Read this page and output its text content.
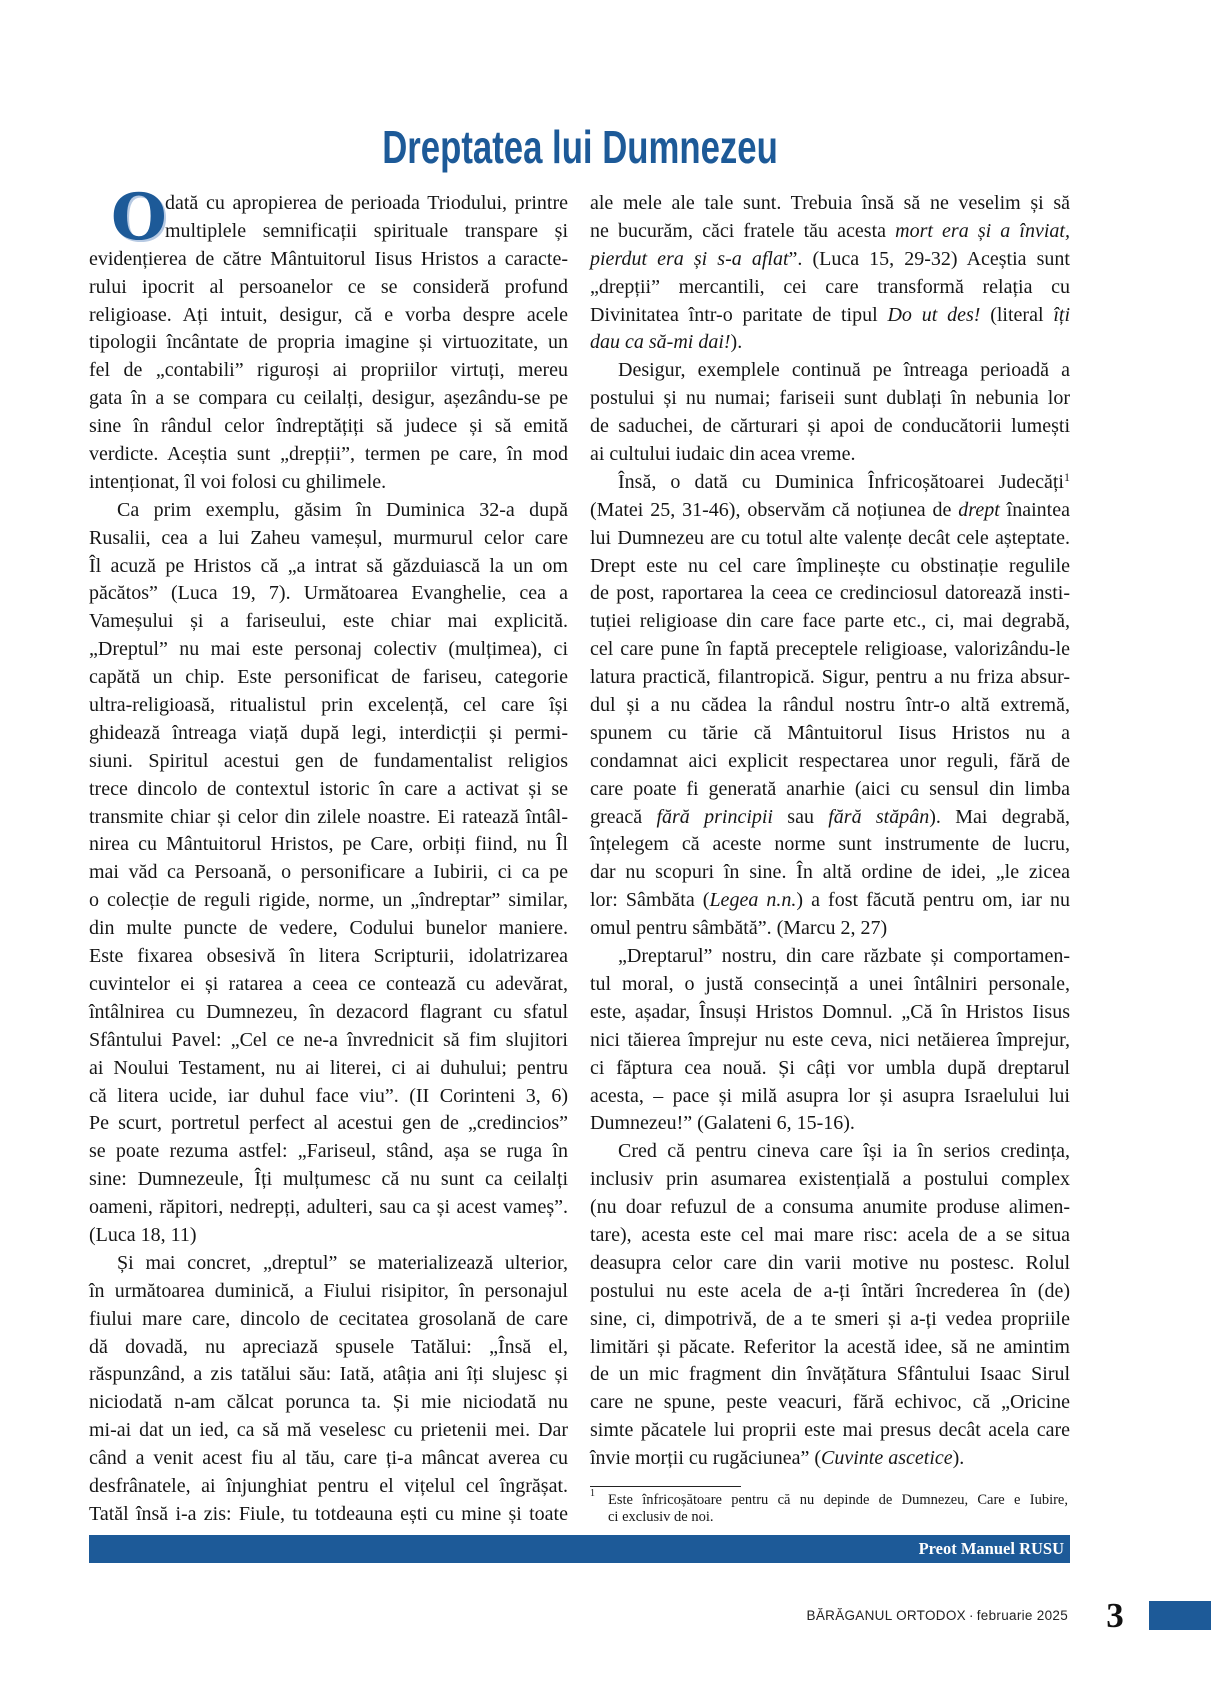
Dreptatea lui Dumnezeu
O
dată cu apropierea de perioada Triodului, printre
multiplele semnificații spirituale transpare și
evidențierea de către Mântuitorul Iisus Hristos a caracte-
rului ipocrit al persoanelor ce se consideră profund
religioase. Ați intuit, desigur, că e vorba despre acele
tipologii încântate de propria imagine și virtuozitate, un
fel de „contabili” riguroși ai propriilor virtuți, mereu
gata în a se compara cu ceilalți, desigur, așezându-se pe
sine în rândul celor îndreptățiți să judece și să emită
verdicte. Aceștia sunt „drepții”, termen pe care, în mod
intenționat, îl voi folosi cu ghilimele.
Ca prim exemplu, găsim în Duminica 32-a după
Rusalii, cea a lui Zaheu vameșul, murmurul celor care
Îl acuză pe Hristos că „a intrat să găzduiască la un om
păcătos” (Luca 19, 7). Următoarea Evanghelie, cea a
Vameșului și a fariseului, este chiar mai explicită.
„Dreptul” nu mai este personaj colectiv (mulțimea), ci
capătă un chip. Este personificat de fariseu, categorie
ultra-religioasă, ritualistul prin excelență, cel care își
ghidează întreaga viață după legi, interdicții și permi-
siuni. Spiritul acestui gen de fundamentalist religios
trece dincolo de contextul istoric în care a activat și se
transmite chiar și celor din zilele noastre. Ei ratează întâl-
nirea cu Mântuitorul Hristos, pe Care, orbiți fiind, nu Îl
mai văd ca Persoană, o personificare a Iubirii, ci ca pe
o colecție de reguli rigide, norme, un „îndreptar” similar,
din multe puncte de vedere, Codului bunelor maniere.
Este fixarea obsesivă în litera Scripturii, idolatrizarea
cuvintelor ei și ratarea a ceea ce contează cu adevărat,
întâlnirea cu Dumnezeu, în dezacord flagrant cu sfatul
Sfântului Pavel: „Cel ce ne-a învrednicit să fim slujitori
ai Noului Testament, nu ai literei, ci ai duhului; pentru
că litera ucide, iar duhul face viu”. (II Corinteni 3, 6)
Pe scurt, portretul perfect al acestui gen de „credincios”
se poate rezuma astfel: „Fariseul, stând, așa se ruga în
sine: Dumnezeule, Îți mulțumesc că nu sunt ca ceilalți
oameni, răpitori, nedrepți, adulteri, sau ca și acest vameș”.
(Luca 18, 11)
Și mai concret, „dreptul” se materializează ulterior,
în următoarea duminică, a Fiului risipitor, în personajul
fiului mare care, dincolo de cecitatea grosolană de care
dă dovadă, nu apreciază spusele Tatălui: „Însă el,
răspunzând, a zis tatălui său: Iată, atâția ani îți slujesc și
niciodată n-am călcat porunca ta. Și mie niciodată nu
mi-ai dat un ied, ca să mă veselesc cu prietenii mei. Dar
când a venit acest fiu al tău, care ți-a mâncat averea cu
desfrânatele, ai înjunghiat pentru el vițelul cel îngrășat.
Tatăl însă i-a zis: Fiule, tu totdeauna ești cu mine și toate
ale mele ale tale sunt. Trebuia însă să ne veselim și să
ne bucurăm, căci fratele tău acesta mort era și a înviat,
pierdut era și s-a aflat”. (Luca 15, 29-32) Aceștia sunt
„drepții” mercantili, cei care transformă relația cu
Divinitatea într-o paritate de tipul Do ut des! (literal îți
dau ca să-mi dai!).
Desigur, exemplele continuă pe întreaga perioadă a
postului și nu numai; fariseii sunt dublați în nebunia lor
de saduchei, de cărturari și apoi de conducătorii lumești
ai cultului iudaic din acea vreme.
Însă, o dată cu Duminica Înfricoșătoarei Judecăți$^1$
(Matei 25, 31-46), observăm că noțiunea de drept înaintea
lui Dumnezeu are cu totul alte valențe decât cele așteptate.
Drept este nu cel care împlinește cu obstinație regulile
de post, raportarea la ceea ce credinciosul datorează insti-
tuției religioase din care face parte etc., ci, mai degrabă,
cel care pune în faptă preceptele religioase, valorizându-le
latura practică, filantropică. Sigur, pentru a nu friza absur-
dul și a nu cădea la rândul nostru într-o altă extremă,
spunem cu tărie că Mântuitorul Iisus Hristos nu a
condamnat aici explicit respectarea unor reguli, fără de
care poate fi generată anarhie (aici cu sensul din limba
greacă fără principii sau fără stăpân). Mai degrabă,
înțelegem că aceste norme sunt instrumente de lucru,
dar nu scopuri în sine. În altă ordine de idei, „le zicea
lor: Sâmbăta (Legea n.n.) a fost făcută pentru om, iar nu
omul pentru sâmbătă”. (Marcu 2, 27)
„Dreptarul” nostru, din care răzbate și comportamen-
tul moral, o justă consecință a unei întâlniri personale,
este, așadar, Însuși Hristos Domnul. „Că în Hristos Iisus
nici tăierea împrejur nu este ceva, nici netăierea împrejur,
ci făptura cea nouă. Și câți vor umbla după dreptarul
acesta, – pace și milă asupra lor și asupra Israelului lui
Dumnezeu!” (Galateni 6, 15-16).
Cred că pentru cineva care își ia în serios credința,
inclusiv prin asumarea existențială a postului complex
(nu doar refuzul de a consuma anumite produse alimen-
tare), acesta este cel mai mare risc: acela de a se situa
deasupra celor care din varii motive nu postesc. Rolul
postului nu este acela de a-ți întări încrederea în (de)
sine, ci, dimpotrivă, de a te smeri și a-ți vedea propriile
limitări și păcate. Referitor la acestă idee, să ne amintim
de un mic fragment din învățătura Sfântului Isaac Sirul
care ne spune, peste veacuri, fără echivoc, că „Oricine
simte păcatele lui proprii este mai presus decât acela care
învie morții cu rugăciunea” (Cuvinte ascetice).
1 Este înfricoșătoare pentru că nu depinde de Dumnezeu, Care e Iubire,
ci exclusiv de noi.
Preot Manuel RUSU
BĂRĂGANUL ORTODOX · februarie 2025 3
